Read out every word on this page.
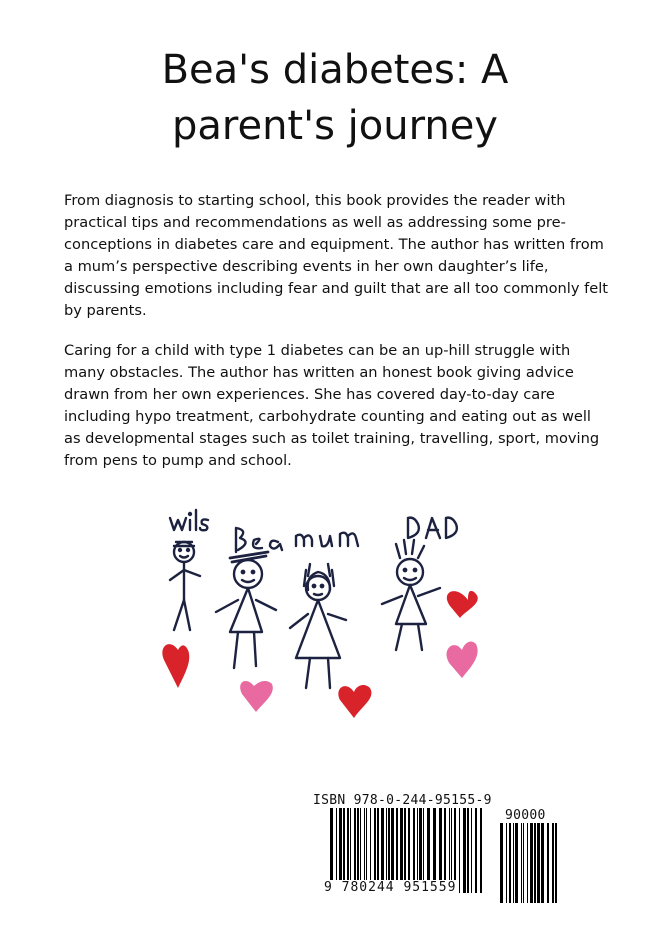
Bea's diabetes: A
parent's journey

From diagnosis to starting school, this book provides the reader with practical tips and recommendations as well as addressing some pre-conceptions in diabetes care and equipment. The author has written from a mum’s perspective describing events in her own daughter’s life, discussing emotions including fear and guilt that are all too commonly felt by parents.

Caring for a child with type 1 diabetes can be an up-hill struggle with many obstacles. The author has written an honest book giving advice drawn from her own experiences. She has covered day-to-day care including hypo treatment, carbohydrate counting and eating out as well as developmental stages such as toilet training, travelling, sport, moving from pens to pump and school.

ISBN 978-0-244-95155-9
90000
9 780244 951559
